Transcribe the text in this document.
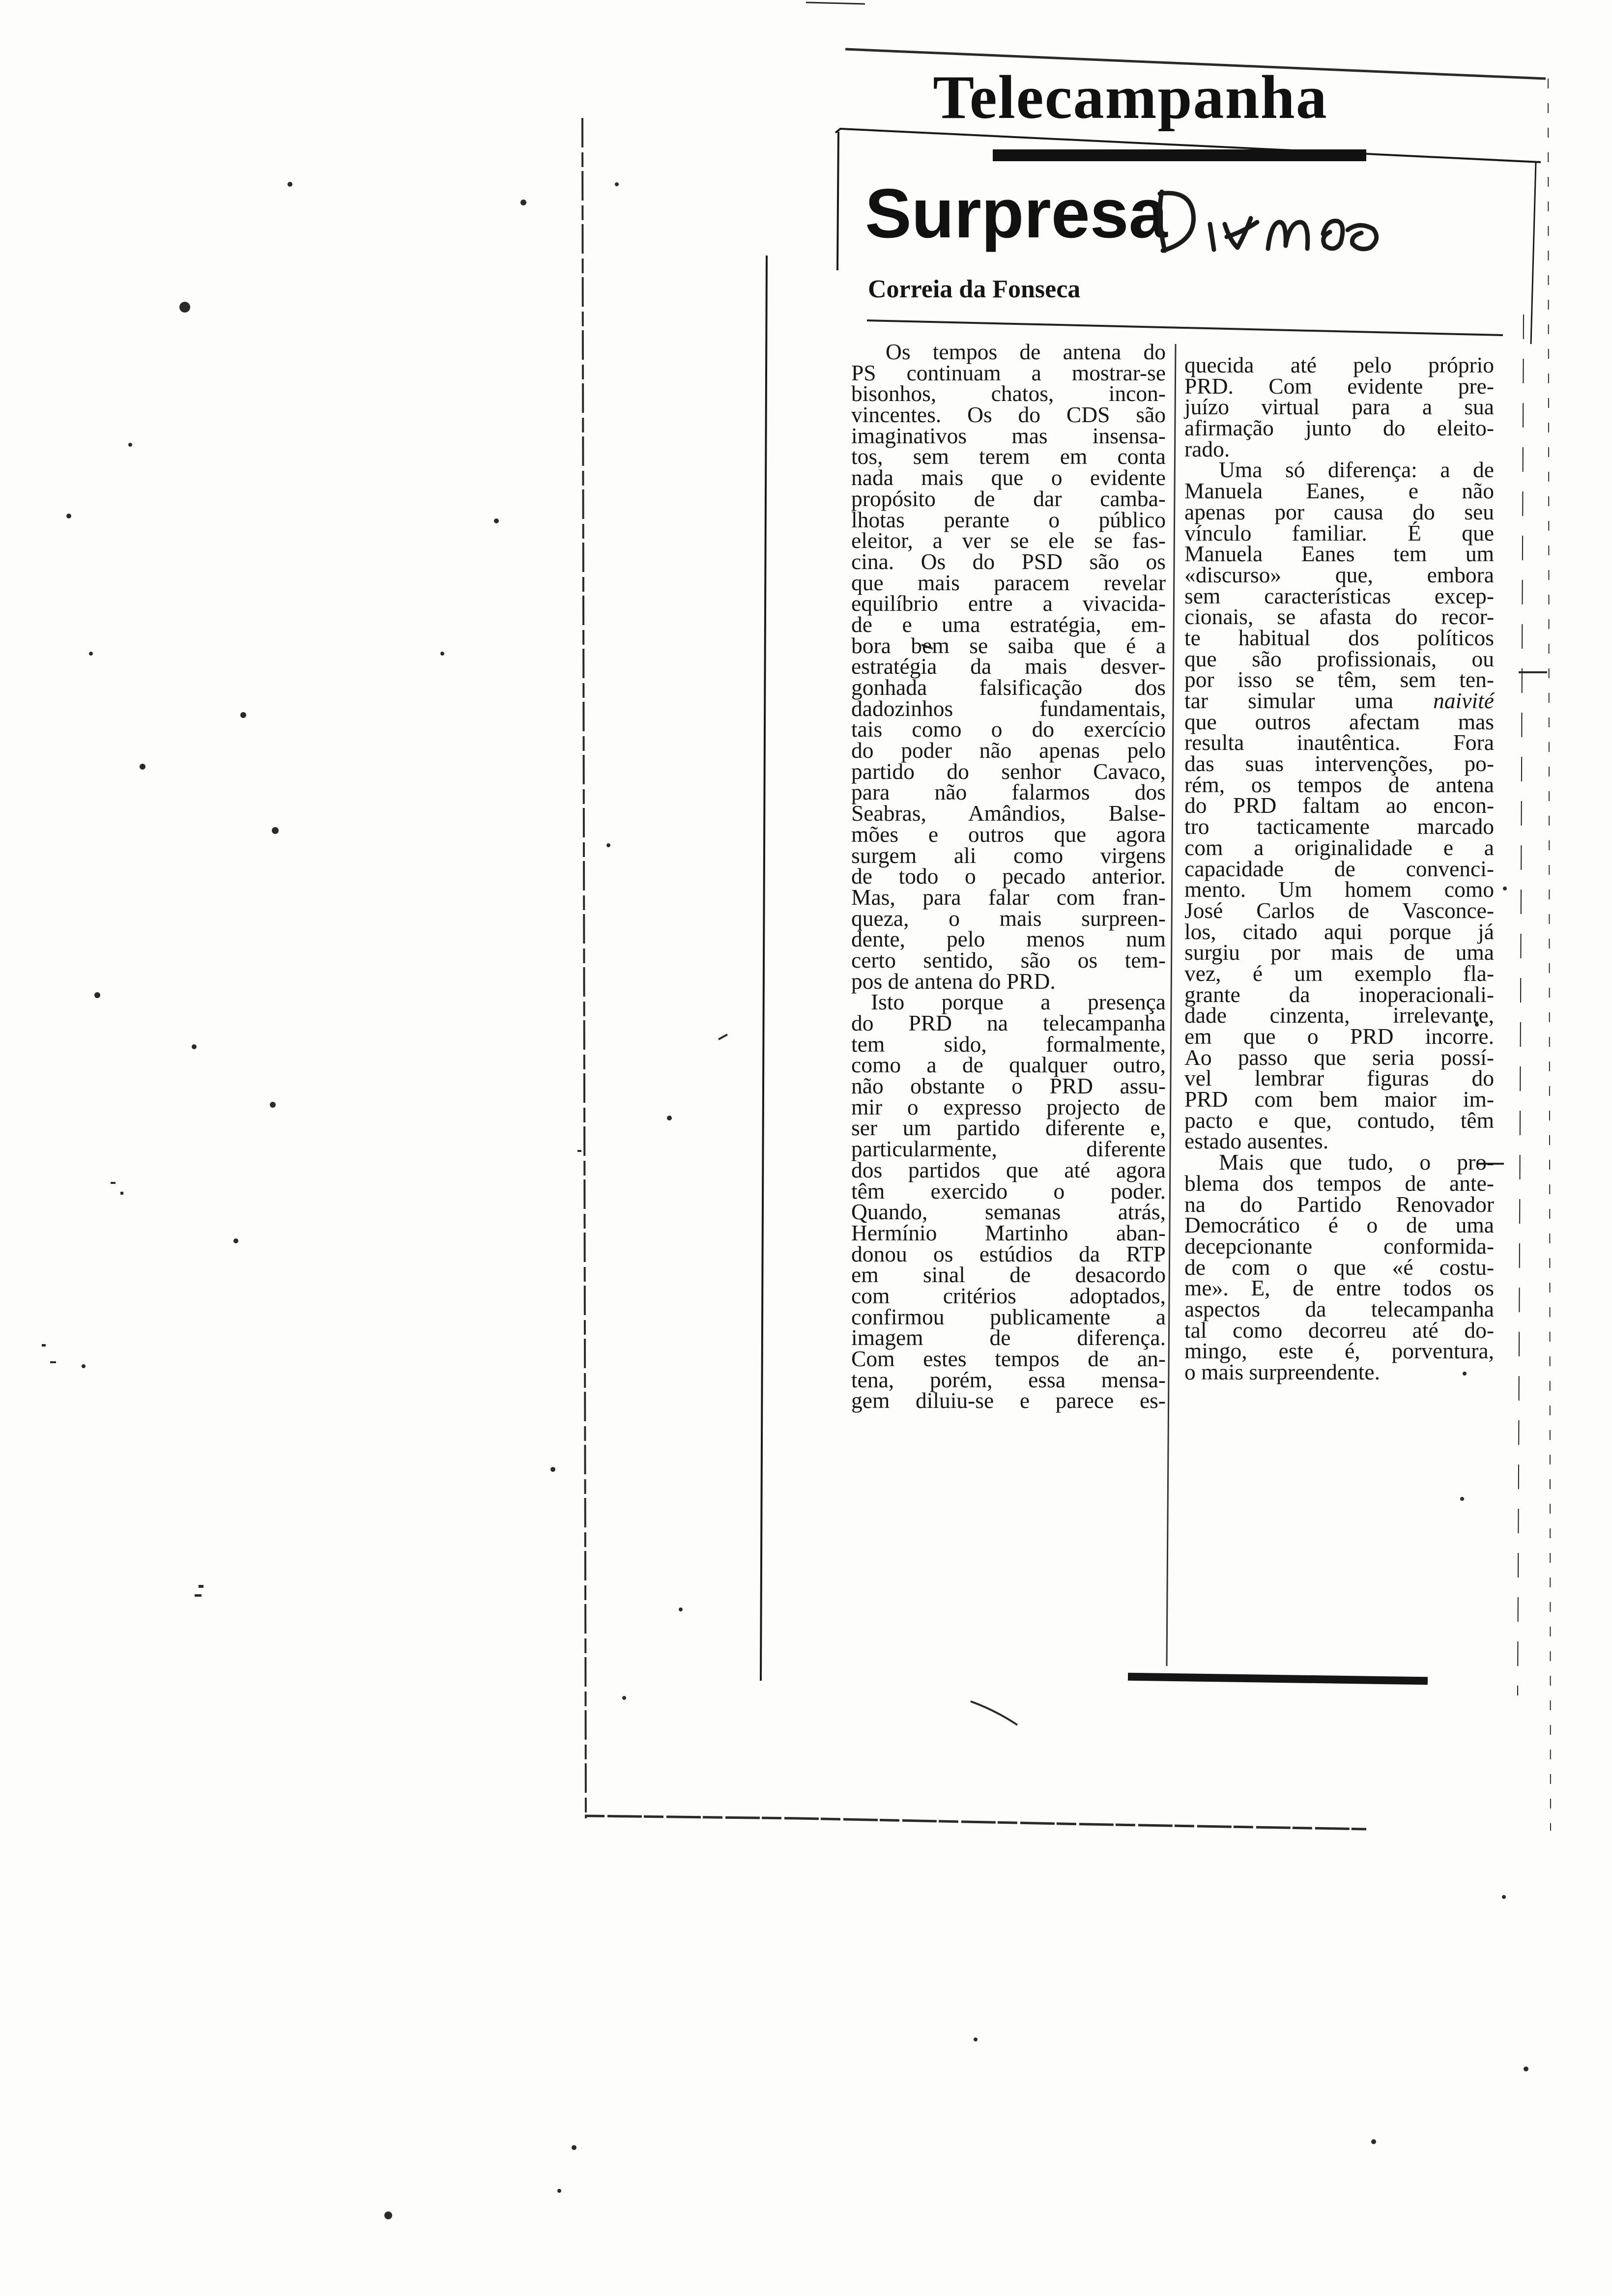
Telecampanha
Surpresa

Correia da Fonseca

Os tempos de antena do
PS continuam a mostrar-se
bisonhos, chatos, incon-
vincentes. Os do CDS são
imaginativos mas insensa-
tos, sem terem em conta
nada mais que o evidente
propósito de dar camba-
lhotas perante o público
eleitor, a ver se ele se fas-
cina. Os do PSD são os
que mais paracem revelar
equilíbrio entre a vivacida-
de e uma estratégia, em-
bora bem se saiba que é a
estratégia da mais desver-
gonhada falsificação dos
dadozinhos fundamentais,
tais como o do exercício
do poder não apenas pelo
partido do senhor Cavaco,
para não falarmos dos
Seabras, Amândios, Balse-
mões e outros que agora
surgem ali como virgens
de todo o pecado anterior.
Mas, para falar com fran-
queza, o mais surpreen-
dente, pelo menos num
certo sentido, são os tem-
pos de antena do PRD.
Isto porque a presença
do PRD na telecampanha
tem sido, formalmente,
como a de qualquer outro,
não obstante o PRD assu-
mir o expresso projecto de
ser um partido diferente e,
particularmente, diferente
dos partidos que até agora
têm exercido o poder.
Quando, semanas atrás,
Hermínio Martinho aban-
donou os estúdios da RTP
em sinal de desacordo
com critérios adoptados,
confirmou publicamente a
imagem de diferença.
Com estes tempos de an-
tena, porém, essa mensa-
gem diluiu-se e parece es-
quecida até pelo próprio
PRD. Com evidente pre-
juízo virtual para a sua
afirmação junto do eleito-
rado.
Uma só diferença: a de
Manuela Eanes, e não
apenas por causa do seu
vínculo familiar. É que
Manuela Eanes tem um
«discurso» que, embora
sem características excep-
cionais, se afasta do recor-
te habitual dos políticos
que são profissionais, ou
por isso se têm, sem ten-
tar simular uma naivité
que outros afectam mas
resulta inautêntica. Fora
das suas intervenções, po-
rém, os tempos de antena
do PRD faltam ao encon-
tro tacticamente marcado
com a originalidade e a
capacidade de convenci-
mento. Um homem como
José Carlos de Vasconce-
los, citado aqui porque já
surgiu por mais de uma
vez, é um exemplo fla-
grante da inoperacionali-
dade cinzenta, irrelevante,
em que o PRD incorre.
Ao passo que seria possí-
vel lembrar figuras do
PRD com bem maior im-
pacto e que, contudo, têm
estado ausentes.
Mais que tudo, o pro-
blema dos tempos de ante-
na do Partido Renovador
Democrático é o de uma
decepcionante conformida-
de com o que «é costu-
me». E, de entre todos os
aspectos da telecampanha
tal como decorreu até do-
mingo, este é, porventura,
o mais surpreendente.
